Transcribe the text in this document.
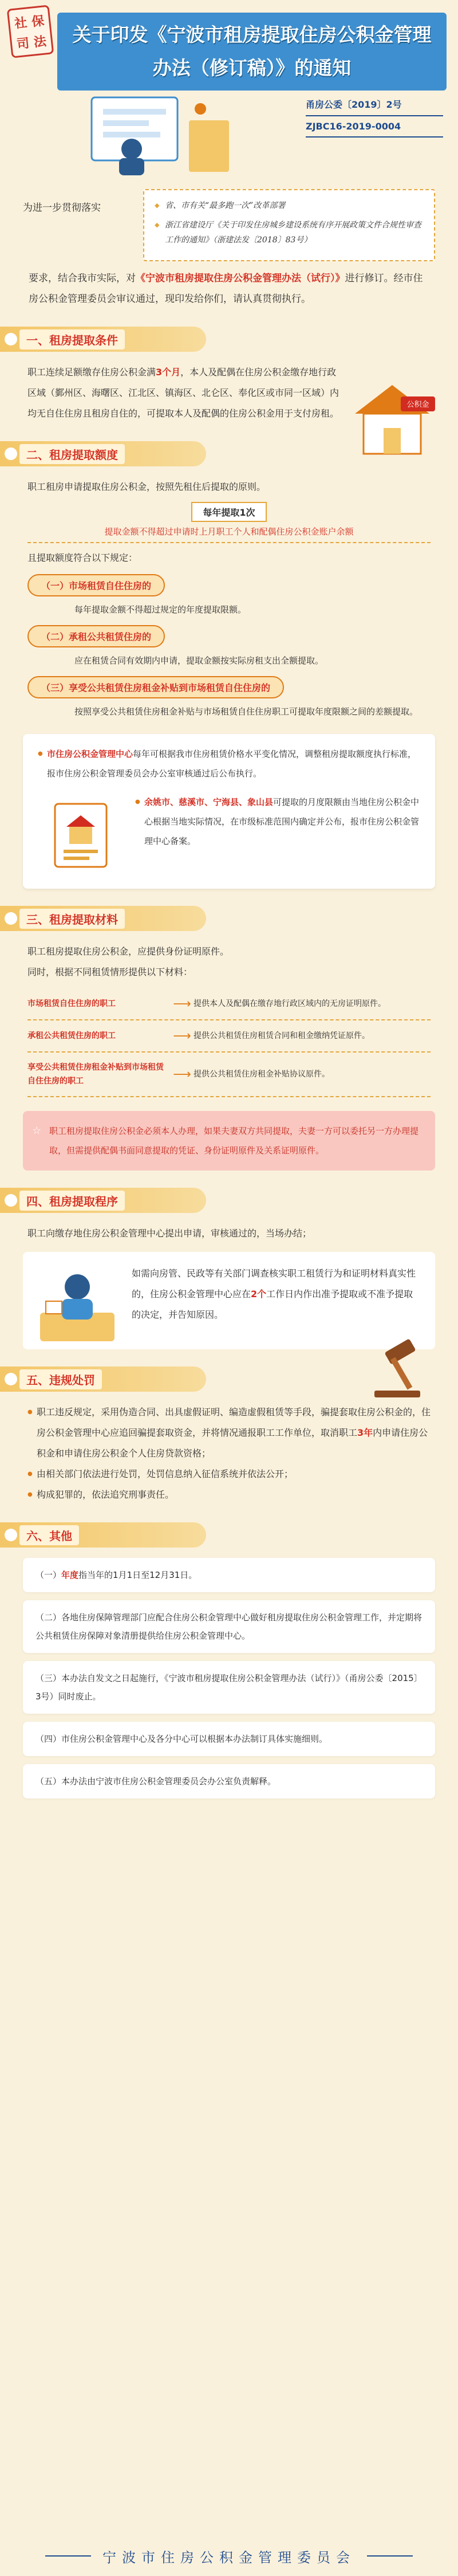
社 保
司 法	关于印发《宁波市租房提取住房公积金管理办法（修订稿）》的通知
甬房公委〔2019〕2号
ZJBC16-2019-0004
为进一步贯彻落实

◆	省、市有关“最多跑一次”改革部署

◆ 浙江省建设厅《关于印发住房城乡建设系统有序开展政策文件合规性审查工作的通知》（浙建法发〔2018〕83号）

要求，结合我市实际，对《宁波市租房提取住房公积金管理办法（试行）》进行修订。经市住房公积金管理委员会审议通过，现印发给你们，请认真贯彻执行。
一、租房提取条件
职工连续足额缴存住房公积金满3个月，本人及配偶在住房公积金缴存地行政区域（鄞州区、海曙区、江北区、镇海区、北仑区、奉化区或市同一区域）内均无自住住房且租房自住的，可提取本人及配偶的住房公积金用于支付房租。
公积金
二、租房提取额度
职工租房申请提取住房公积金，按照先租住后提取的原则。
每年提取1次
提取金额不得超过申请时上月职工个人和配偶住房公积金账户余额
且提取额度符合以下规定：
（一）市场租赁自住住房的
每年提取金额不得超过规定的年度提取限额。
（二）承租公共租赁住房的
应在租赁合同有效期内申请，提取金额按实际房租支出全额提取。
（三）享受公共租赁住房租金补贴到市场租赁自住住房的
按照享受公共租赁住房租金补贴与市场租赁自住住房职工可提取年度限额之间的差额提取。
● 市住房公积金管理中心每年可根据我市住房租赁价格水平变化情况，调整租房提取额度执行标准，报市住房公积金管理委员会办公室审核通过后公布执行。
● 余姚市、慈溪市、宁海县、象山县可提取的月度限额由当地住房公积金中心根据当地实际情况，在市级标准范围内确定并公布，报市住房公积金管理中心备案。
三、租房提取材料
职工租房提取住房公积金，应提供身份证明原件。
同时，根据不同租赁情形提供以下材料：
市场租赁自住住房的职工	⟶ 提供本人及配偶在缴存地行政区域内的无房证明原件。
承租公共租赁住房的职工	⟶ 提供公共租赁住房租赁合同和租金缴纳凭证原件。
享受公共租赁住房租金补贴到市场租赁自住住房的职工	⟶ 提供公共租赁住房租金补贴协议原件。
☆ 职工租房提取住房公积金必须本人办理，如果夫妻双方共同提取，夫妻一方可以委托另一方办理提取，但需提供配偶书面同意提取的凭证、身份证明原件及关系证明原件。
四、租房提取程序
职工向缴存地住房公积金管理中心提出申请，审核通过的，当场办结；
如需向房管、民政等有关部门调查核实职工租赁行为和证明材料真实性的，住房公积金管理中心应在2个工作日内作出准予提取或不准予提取的决定，并告知原因。
五、违规处罚

● 职工违反规定，采用伪造合同、出具虚假证明、编造虚假租赁等手段，骗提套取住房公积金的，住房公积金管理中心应追回骗提套取资金，并将情况通报职工工作单位，取消职工3年内申请住房公积金和申请住房公积金个人住房贷款资格；

● 由相关部门依法进行处罚，处罚信息纳入征信系统并依法公开；

● 构成犯罪的，依法追究刑事责任。

六、其他
（一）年度指当年的1月1日至12月31日。
（二）各地住房保障管理部门应配合住房公积金管理中心做好租房提取住房公积金管理工作，并定期将公共租赁住房保障对象清册提供给住房公积金管理中心。
（三）本办法自发文之日起施行，《宁波市租房提取住房公积金管理办法（试行）》（甬房公委〔2015〕3号）同时废止。
（四）市住房公积金管理中心及各分中心可以根据本办法制订具体实施细则。
（五）本办法由宁波市住房公积金管理委员会办公室负责解释。
宁波市住房公积金管理委员会
